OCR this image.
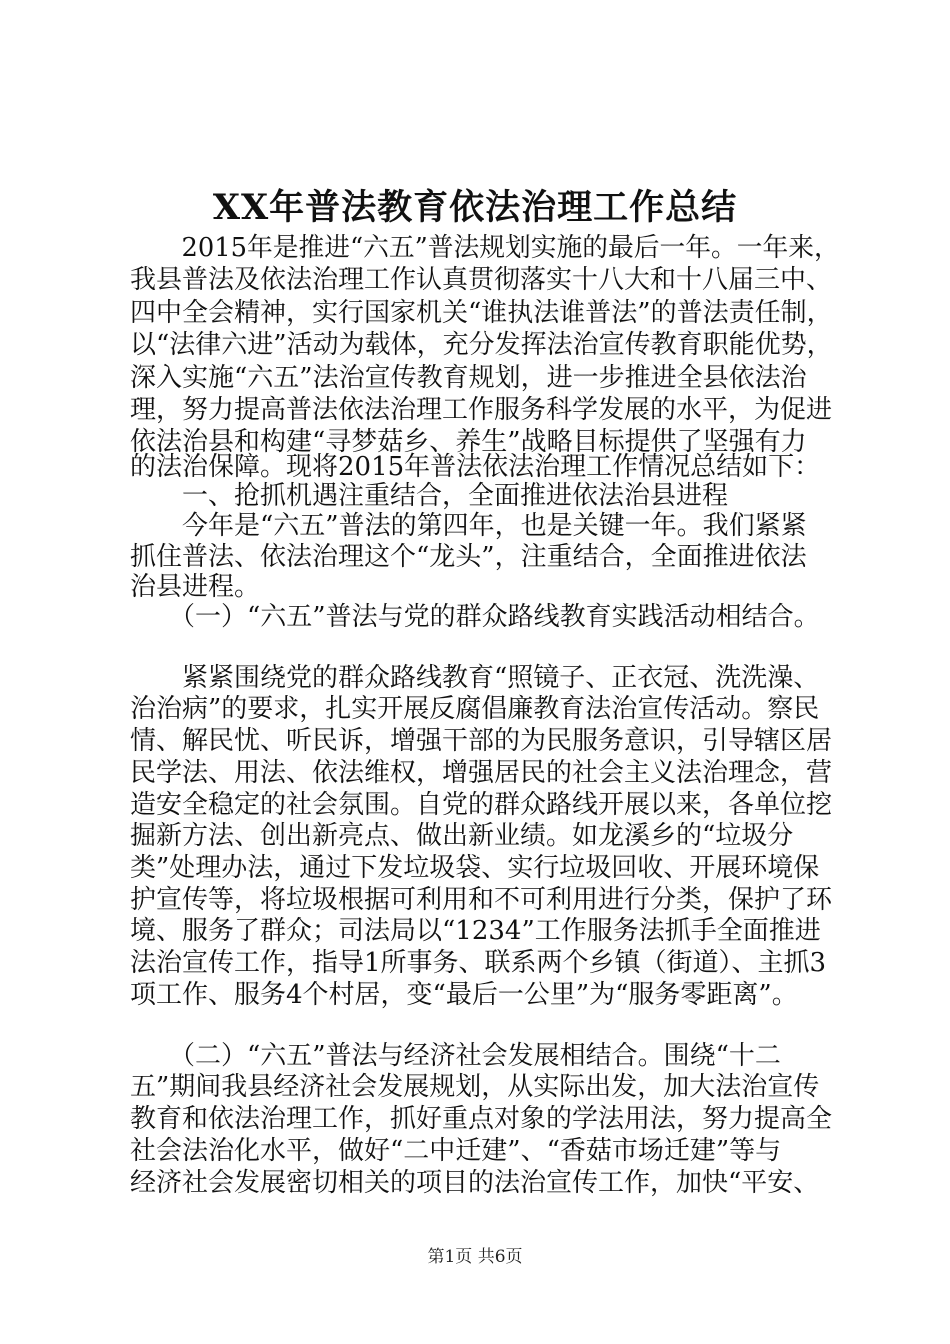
XX年普法教育依法治理工作总结
　　2015年是推进“六五”普法规划实施的最后一年。一年来，
我县普法及依法治理工作认真贯彻落实十八大和十八届三中、
四中全会精神，实行国家机关“谁执法谁普法”的普法责任制，
以“法律六进”活动为载体，充分发挥法治宣传教育职能优势，
深入实施“六五”法治宣传教育规划，进一步推进全县依法治
理，努力提高普法依法治理工作服务科学发展的水平，为促进
依法治县和构建“寻梦菇乡、养生”战略目标提供了坚强有力
的法治保障。现将2015年普法依法治理工作情况总结如下：
　　一、抢抓机遇注重结合，全面推进依法治县进程
　　今年是“六五”普法的第四年，也是关键一年。我们紧紧
抓住普法、依法治理这个“龙头”，注重结合，全面推进依法
治县进程。
　　（一）“六五”普法与党的群众路线教育实践活动相结合。
　　紧紧围绕党的群众路线教育“照镜子、正衣冠、洗洗澡、
治治病”的要求，扎实开展反腐倡廉教育法治宣传活动。察民
情、解民忧、听民诉，增强干部的为民服务意识，引导辖区居
民学法、用法、依法维权，增强居民的社会主义法治理念，营
造安全稳定的社会氛围。自党的群众路线开展以来，各单位挖
掘新方法、创出新亮点、做出新业绩。如龙溪乡的“垃圾分
类”处理办法，通过下发垃圾袋、实行垃圾回收、开展环境保
护宣传等，将垃圾根据可利用和不可利用进行分类，保护了环
境、服务了群众；司法局以“1234”工作服务法抓手全面推进
法治宣传工作，指导1所事务、联系两个乡镇（街道）、主抓3
项工作、服务4个村居，变“最后一公里”为“服务零距离”。
　　（二）“六五”普法与经济社会发展相结合。围绕“十二
五”期间我县经济社会发展规划，从实际出发，加大法治宣传
教育和依法治理工作，抓好重点对象的学法用法，努力提高全
社会法治化水平，做好“二中迁建”、“香菇市场迁建”等与
经济社会发展密切相关的项目的法治宣传工作，加快“平安、
第1页 共6页
